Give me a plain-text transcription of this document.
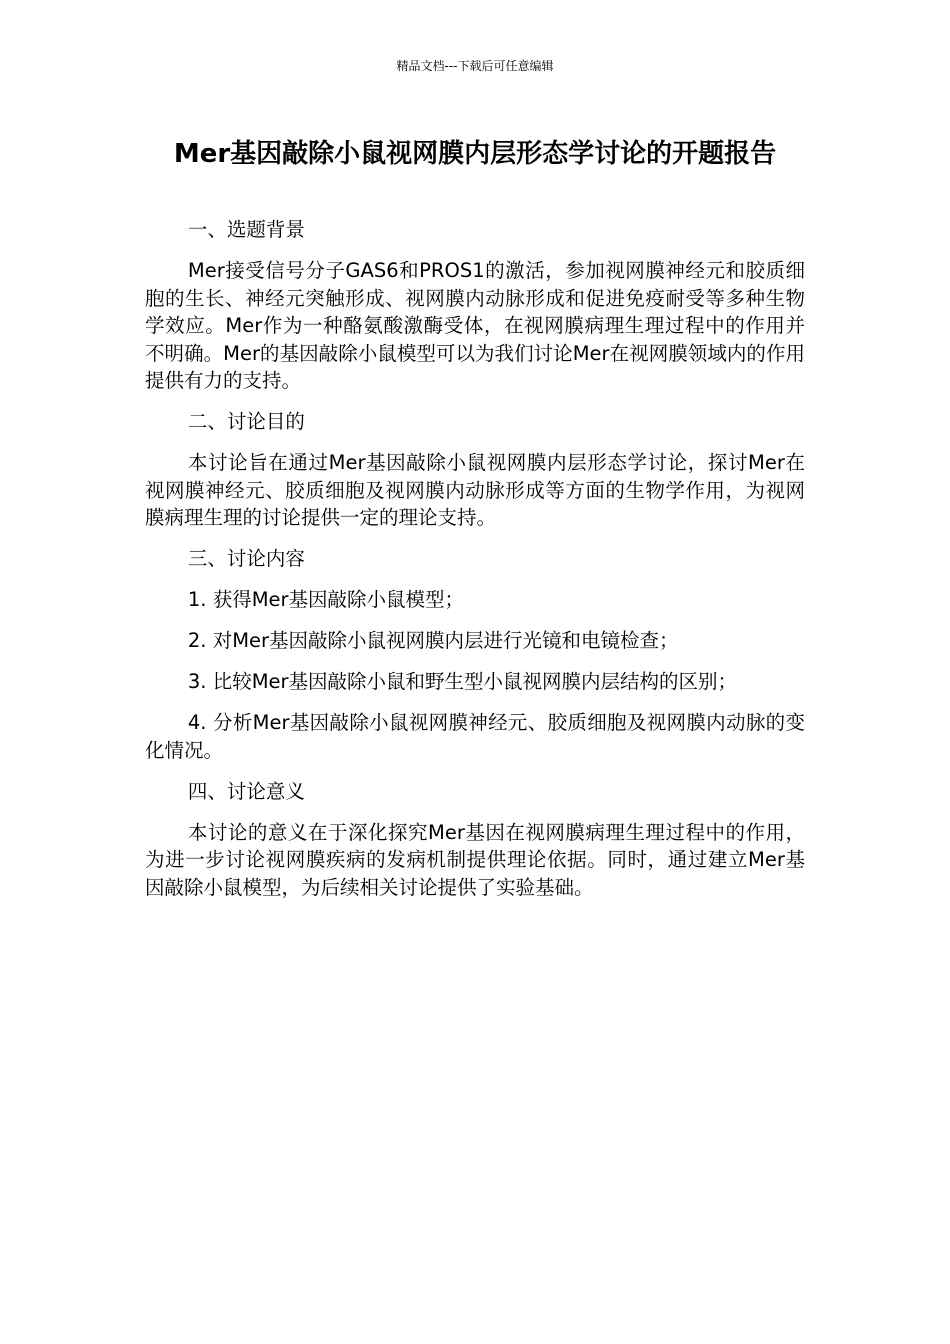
精品文档---下载后可任意编辑
Mer基因敲除小鼠视网膜内层形态学讨论的开题报告

一、选题背景

Mer接受信号分子GAS6和PROS1的激活，参加视网膜神经元和胶质细胞的生长、神经元突触形成、视网膜内动脉形成和促进免疫耐受等多种生物学效应。Mer作为一种酪氨酸激酶受体，在视网膜病理生理过程中的作用并不明确。Mer的基因敲除小鼠模型可以为我们讨论Mer在视网膜领域内的作用提供有力的支持。

二、讨论目的

本讨论旨在通过Mer基因敲除小鼠视网膜内层形态学讨论，探讨Mer在视网膜神经元、胶质细胞及视网膜内动脉形成等方面的生物学作用，为视网膜病理生理的讨论提供一定的理论支持。

三、讨论内容

1. 获得Mer基因敲除小鼠模型；

2. 对Mer基因敲除小鼠视网膜内层进行光镜和电镜检查；

3. 比较Mer基因敲除小鼠和野生型小鼠视网膜内层结构的区别；

4. 分析Mer基因敲除小鼠视网膜神经元、胶质细胞及视网膜内动脉的变化情况。

四、讨论意义

本讨论的意义在于深化探究Mer基因在视网膜病理生理过程中的作用，为进一步讨论视网膜疾病的发病机制提供理论依据。同时，通过建立Mer基因敲除小鼠模型，为后续相关讨论提供了实验基础。
